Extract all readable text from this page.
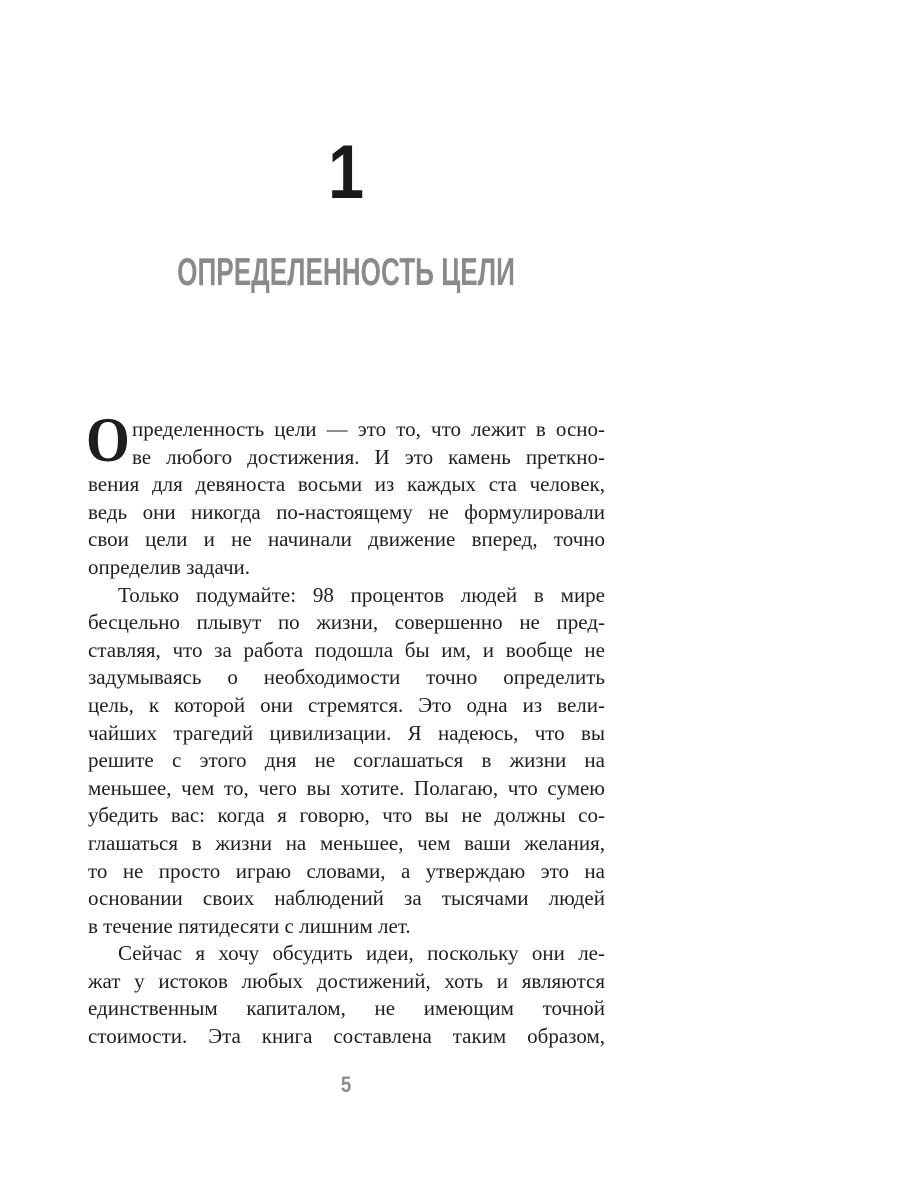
1
ОПРЕДЕЛЕННОСТЬ ЦЕЛИ
О пределенность цели — это то, что лежит в осно-
ве любого достижения. И это камень преткно-
вения для девяноста восьми из каждых ста человек,
ведь они никогда по-настоящему не формулировали
свои цели и не начинали движение вперед, точно
определив задачи.
Только подумайте: 98 процентов людей в мире
бесцельно плывут по жизни, совершенно не пред-
ставляя, что за работа подошла бы им, и вообще не
задумываясь о необходимости точно определить
цель, к которой они стремятся. Это одна из вели-
чайших трагедий цивилизации. Я надеюсь, что вы
решите с этого дня не соглашаться в жизни на
меньшее, чем то, чего вы хотите. Полагаю, что сумею
убедить вас: когда я говорю, что вы не должны со-
глашаться в жизни на меньшее, чем ваши желания,
то не просто играю словами, а утверждаю это на
основании своих наблюдений за тысячами людей
в течение пятидесяти с лишним лет.
Сейчас я хочу обсудить идеи, поскольку они ле-
жат у истоков любых достижений, хоть и являются
единственным капиталом, не имеющим точной
стоимости. Эта книга составлена таким образом,
5
